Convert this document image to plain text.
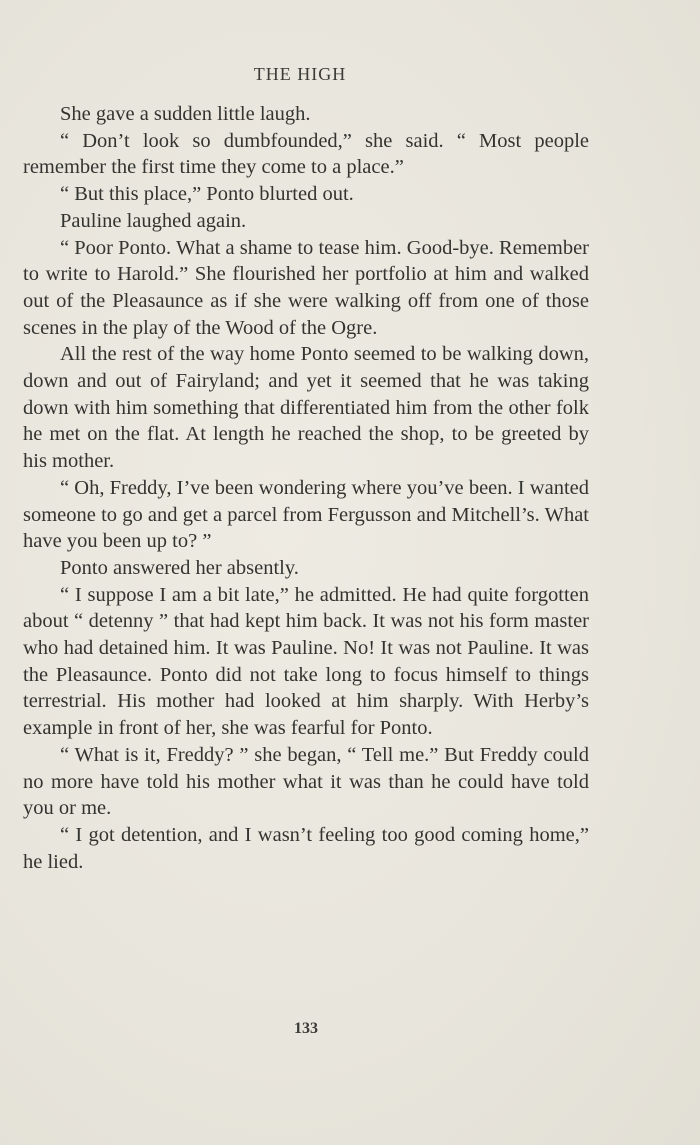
THE HIGH

She gave a sudden little laugh.

“ Don’t look so dumbfounded,” she said. “ Most people remember the first time they come to a place.”

“ But this place,” Ponto blurted out.

Pauline laughed again.

“ Poor Ponto. What a shame to tease him. Good-bye. Remember to write to Harold.” She flourished her portfolio at him and walked out of the Pleasaunce as if she were walking off from one of those scenes in the play of the Wood of the Ogre.

All the rest of the way home Ponto seemed to be walking down, down and out of Fairyland; and yet it seemed that he was taking down with him something that differentiated him from the other folk he met on the flat. At length he reached the shop, to be greeted by his mother.

“ Oh, Freddy, I’ve been wondering where you’ve been. I wanted someone to go and get a parcel from Fergusson and Mitchell’s. What have you been up to? ”

Ponto answered her absently.

“ I suppose I am a bit late,” he admitted. He had quite forgotten about “ detenny ” that had kept him back. It was not his form master who had detained him. It was Pauline. No! It was not Pauline. It was the Pleasaunce. Ponto did not take long to focus himself to things terrestrial. His mother had looked at him sharply. With Herby’s example in front of her, she was fearful for Ponto.

“ What is it, Freddy? ” she began, “ Tell me.” But Freddy could no more have told his mother what it was than he could have told you or me.

“ I got detention, and I wasn’t feeling too good coming home,” he lied.

133
